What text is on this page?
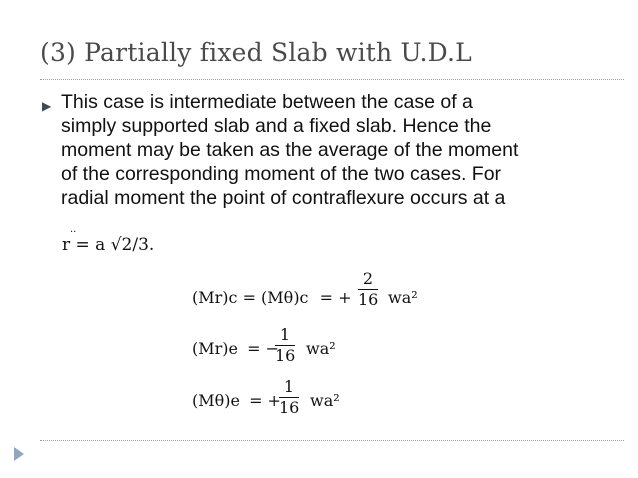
(3) Partially fixed Slab with U.D.L
▶ This case is intermediate between the case of a
simply supported slab and a fixed slab. Hence the
moment may be taken as the average of the moment
of the corresponding moment of the two cases. For
radial moment the point of contraflexure occurs at a
··
r = a √2/3.
(Mr)c = (Mθ)c = +
2
16 wa²
(Mr)e = −
1
16 wa²
(Mθ)e = +
1
16 wa²
